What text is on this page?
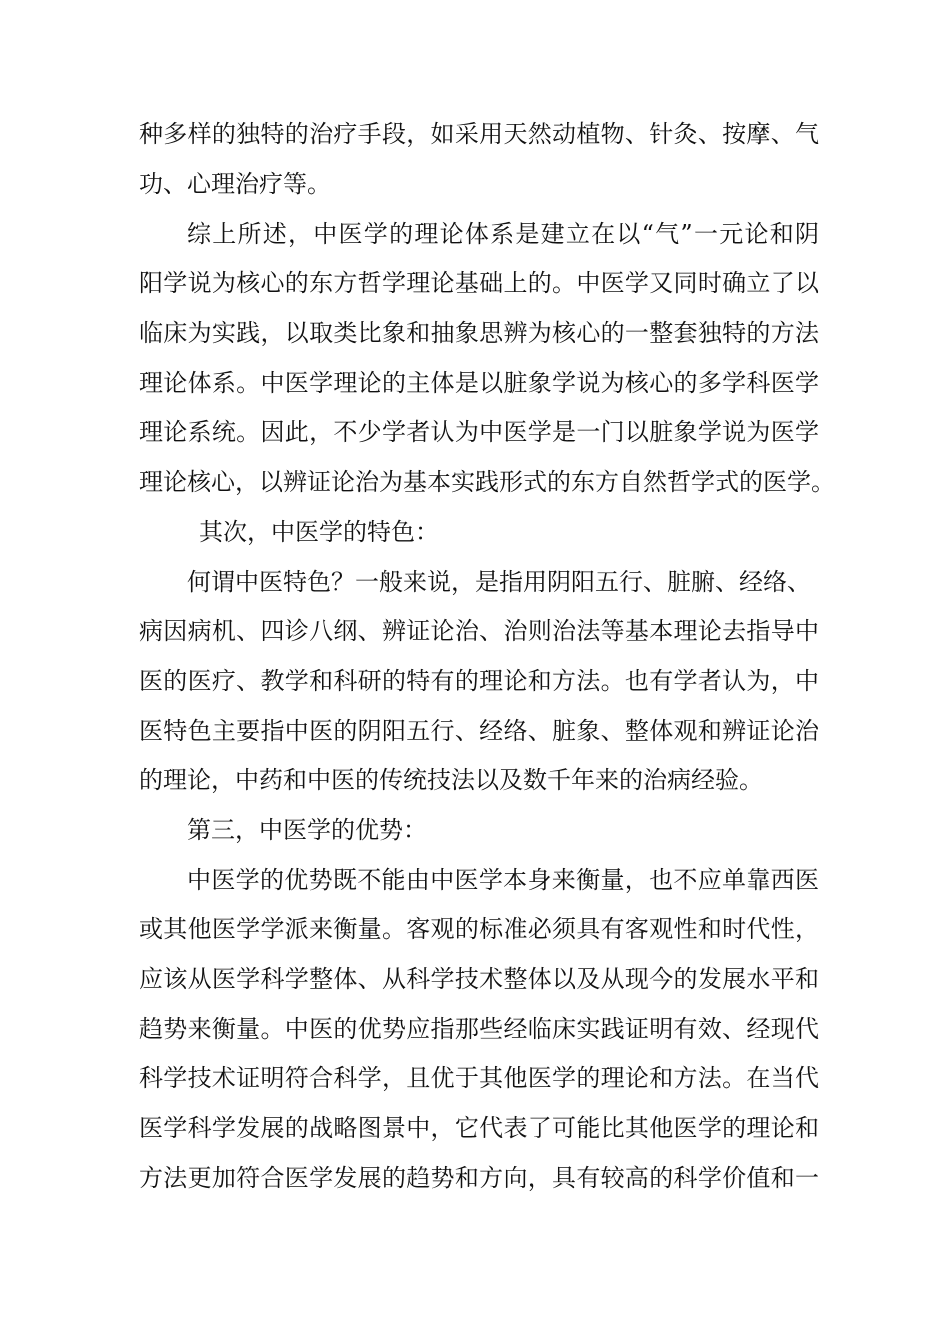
种多样的独特的治疗手段，如采用天然动植物、针灸、按摩、气
功、心理治疗等。
综上所述，中医学的理论体系是建立在以“气”一元论和阴
阳学说为核心的东方哲学理论基础上的。中医学又同时确立了以
临床为实践，以取类比象和抽象思辨为核心的一整套独特的方法
理论体系。中医学理论的主体是以脏象学说为核心的多学科医学
理论系统。因此，不少学者认为中医学是一门以脏象学说为医学
理论核心，以辨证论治为基本实践形式的东方自然哲学式的医学。
其次，中医学的特色：
何谓中医特色？一般来说，是指用阴阳五行、脏腑、经络、
病因病机、四诊八纲、辨证论治、治则治法等基本理论去指导中
医的医疗、教学和科研的特有的理论和方法。也有学者认为，中
医特色主要指中医的阴阳五行、经络、脏象、整体观和辨证论治
的理论，中药和中医的传统技法以及数千年来的治病经验。
第三，中医学的优势：
中医学的优势既不能由中医学本身来衡量，也不应单靠西医
或其他医学学派来衡量。客观的标准必须具有客观性和时代性，
应该从医学科学整体、从科学技术整体以及从现今的发展水平和
趋势来衡量。中医的优势应指那些经临床实践证明有效、经现代
科学技术证明符合科学，且优于其他医学的理论和方法。在当代
医学科学发展的战略图景中，它代表了可能比其他医学的理论和
方法更加符合医学发展的趋势和方向，具有较高的科学价值和一
